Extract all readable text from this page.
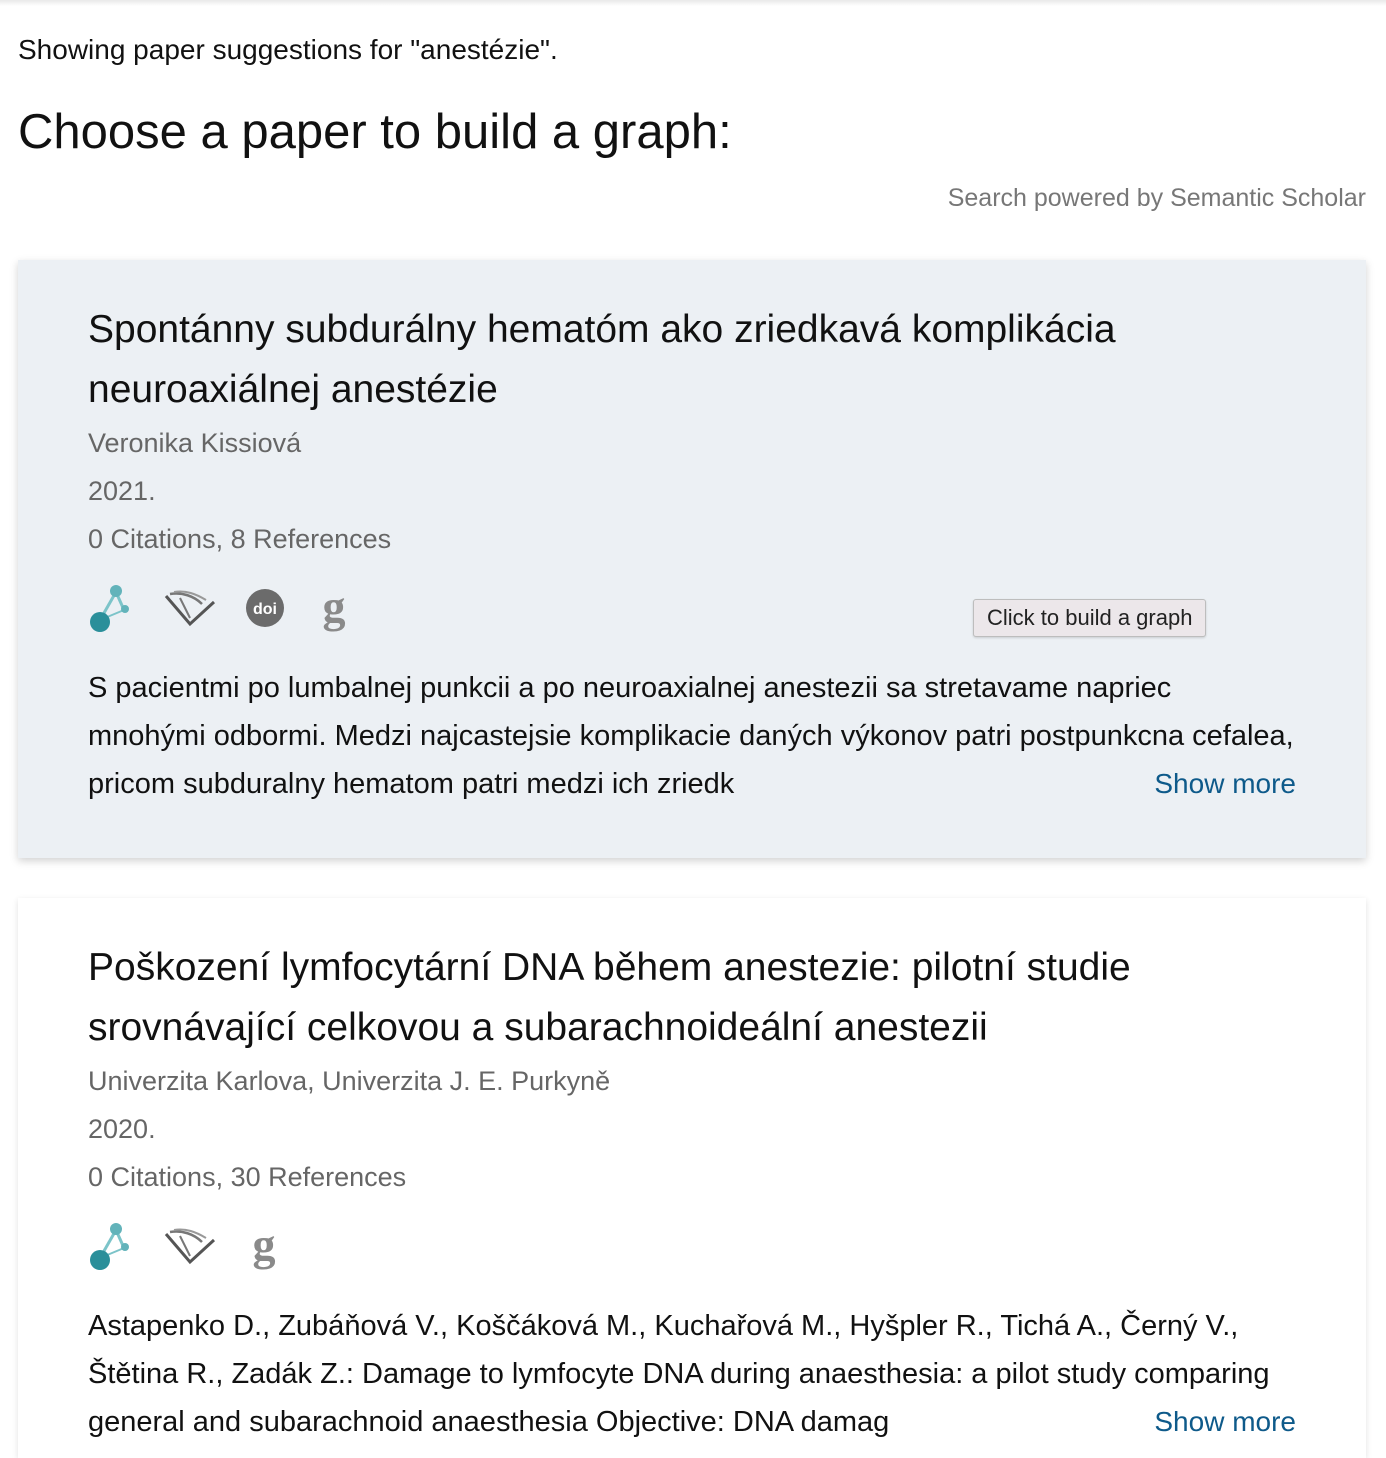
Showing paper suggestions for "anestézie".
Choose a paper to build a graph:
Search powered by Semantic Scholar
Spontánny subdurálny hematóm ako zriedkavá komplikácia neuroaxiálnej anestézie
Veronika Kissiová
2021.
0 Citations, 8 References
doi g
S pacientmi po lumbalnej punkcii a po neuroaxialnej anestezii sa stretavame napriec mnohými odbormi. Medzi najcastejsie komplikacie daných výkonov patri postpunkcna cefalea, pricom subduralny hematom patri medzi ich zriedk	Show more
Click to build a graph
Poškození lymfocytární DNA během anestezie: pilotní studie srovnávající celkovou a subarachnoideální anestezii
Univerzita Karlova, Univerzita J. E. Purkyně
2020.
0 Citations, 30 References
g
Astapenko D., Zubáňová V., Koščáková M., Kuchařová M., Hyšpler R., Tichá A., Černý V., Štětina R., Zadák Z.: Damage to lymfocyte DNA during anaesthesia: a pilot study comparing general and subarachnoid anaesthesia Objective: DNA damag	Show more
